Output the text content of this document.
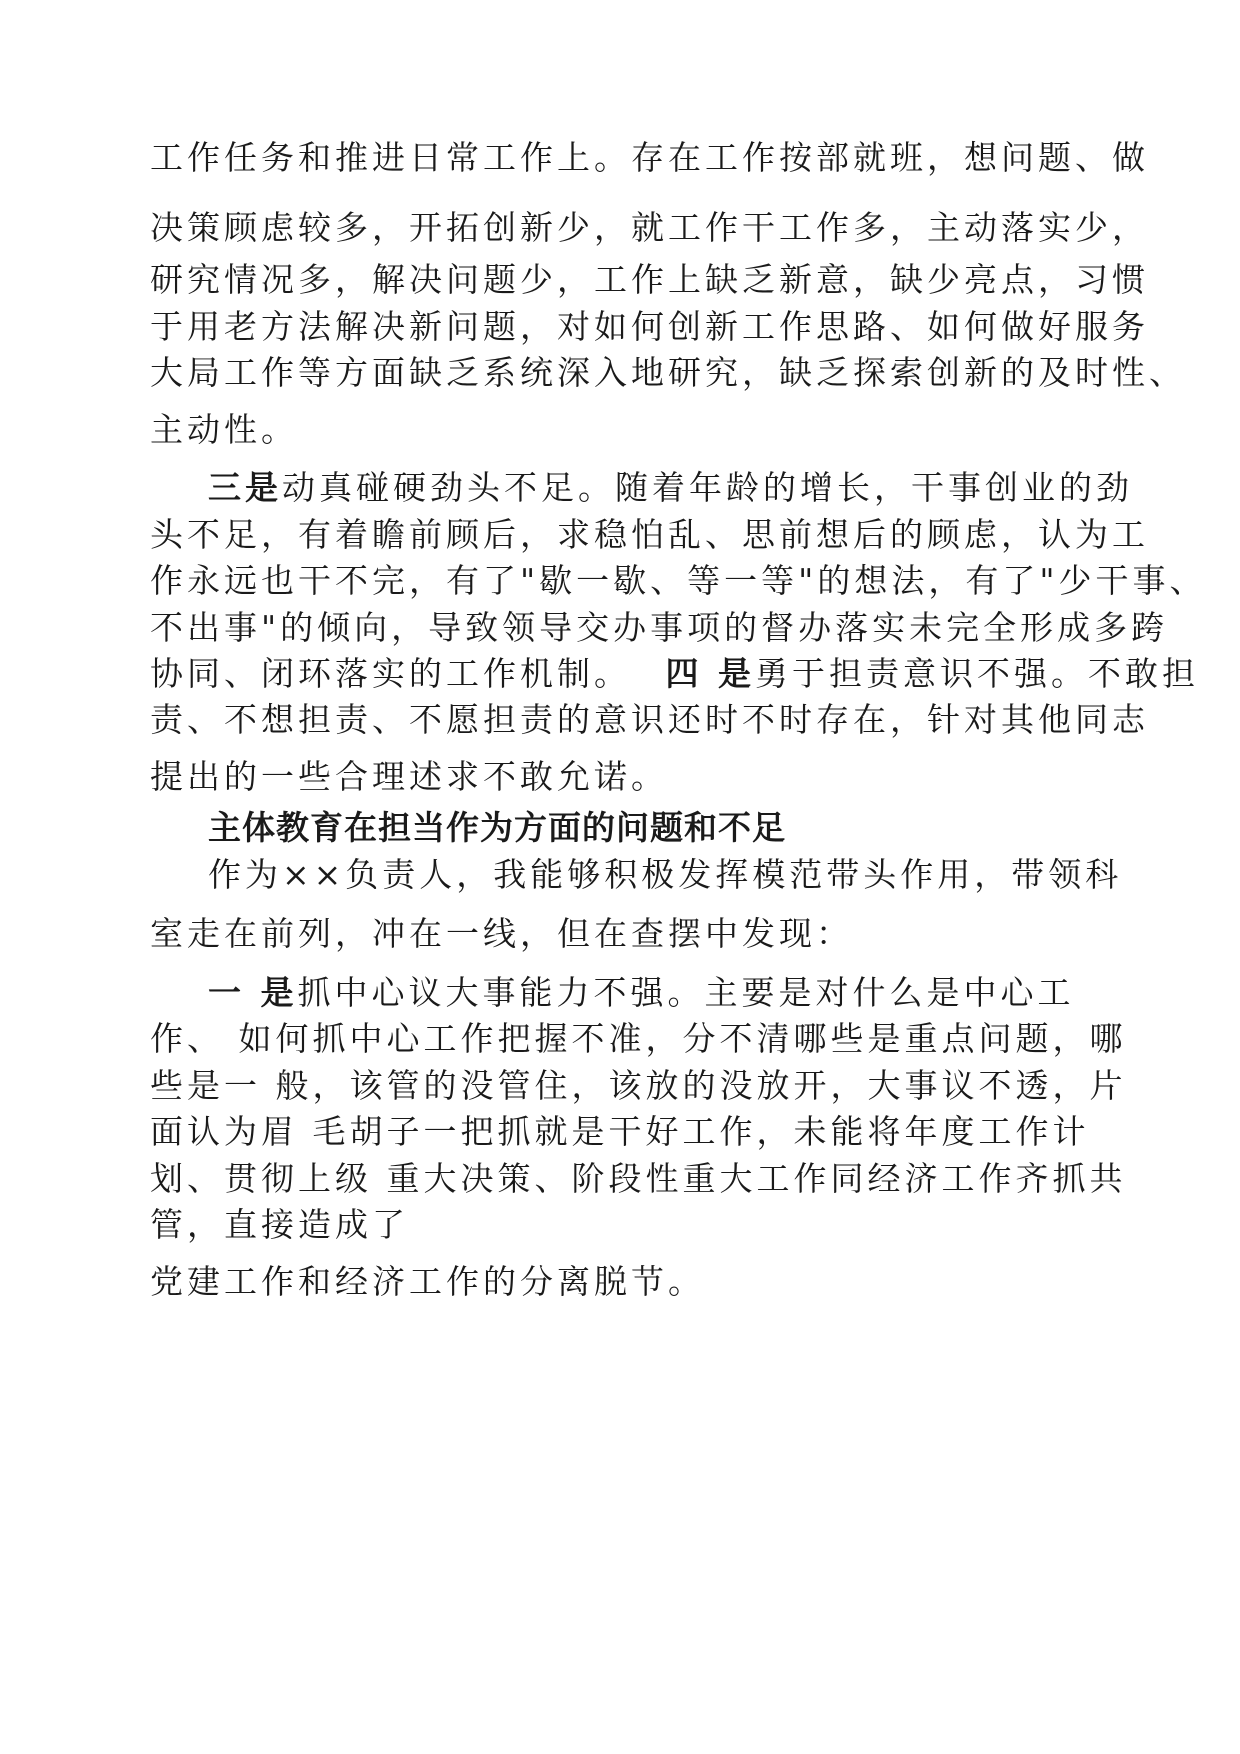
工作任务和推进日常工作上。存在工作按部就班，想问题、做
决策顾虑较多，开拓创新少，就工作干工作多，主动落实少，
研究情况多，解决问题少，工作上缺乏新意，缺少亮点，习惯
于用老方法解决新问题，对如何创新工作思路、如何做好服务
大局工作等方面缺乏系统深入地研究，缺乏探索创新的及时性、
主动性。
三是动真碰硬劲头不足。随着年龄的增长，干事创业的劲
头不足，有着瞻前顾后，求稳怕乱、思前想后的顾虑，认为工
作永远也干不完，有了"歇一歇、等一等"的想法，有了"少干事、
不出事"的倾向，导致领导交办事项的督办落实未完全形成多跨
协同、闭环落实的工作机制。 四 是勇于担责意识不强。不敢担
责、不想担责、不愿担责的意识还时不时存在，针对其他同志
提出的一些合理述求不敢允诺。
主体教育在担当作为方面的问题和不足
作为××负责人，我能够积极发挥模范带头作用，带领科
室走在前列，冲在一线，但在查摆中发现：
一 是抓中心议大事能力不强。主要是对什么是中心工
作、 如何抓中心工作把握不准，分不清哪些是重点问题，哪
些是一 般，该管的没管住，该放的没放开，大事议不透，片
面认为眉 毛胡子一把抓就是干好工作，未能将年度工作计
划、贯彻上级 重大决策、阶段性重大工作同经济工作齐抓共
管，直接造成了
党建工作和经济工作的分离脱节。
